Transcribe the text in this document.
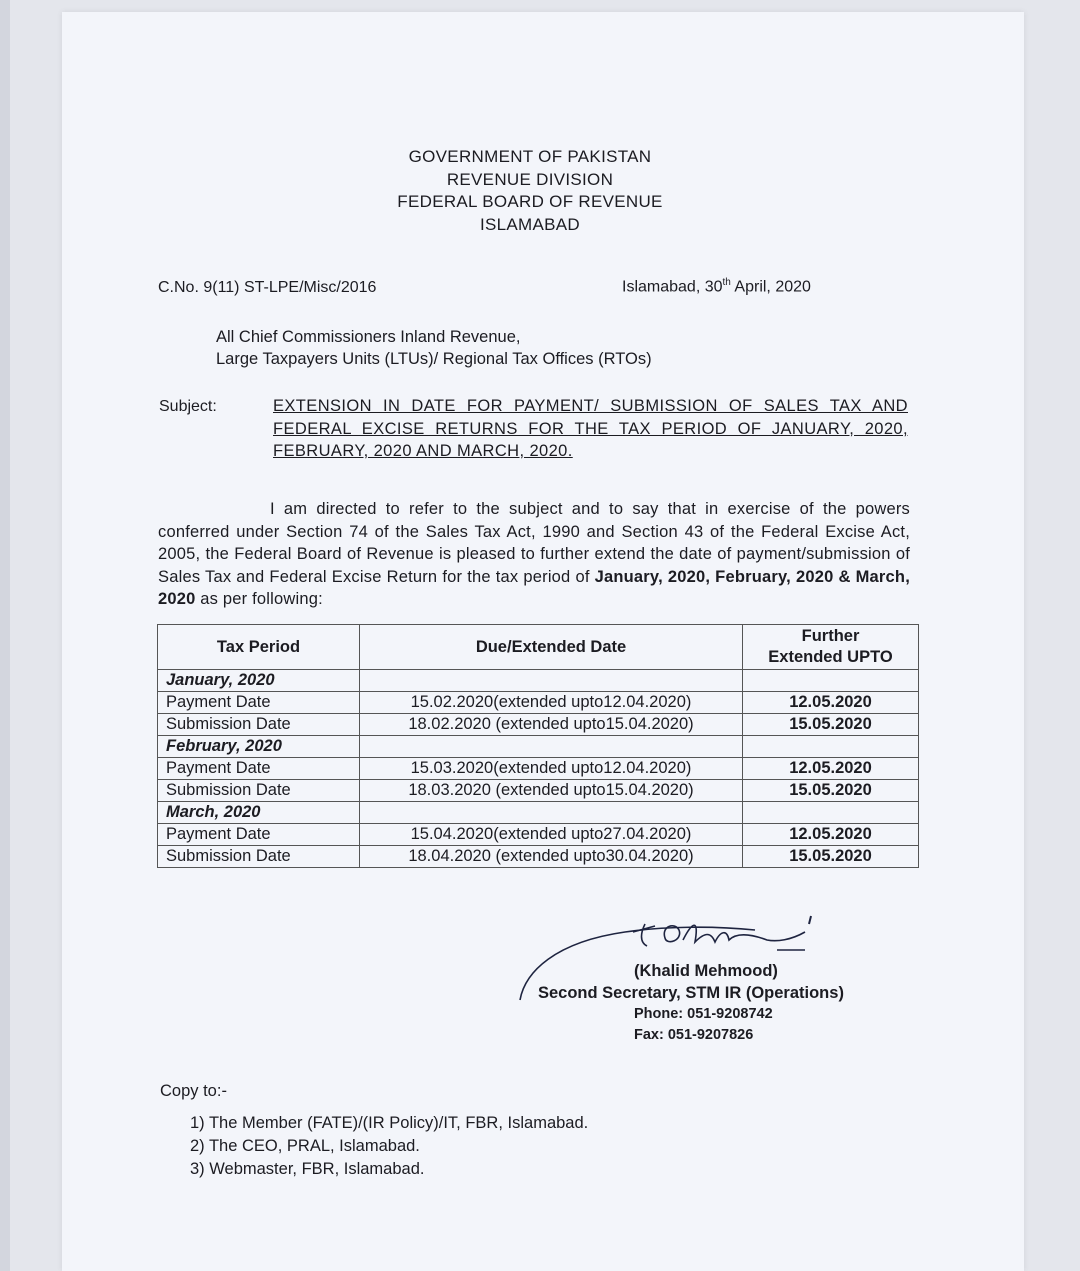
GOVERNMENT OF PAKISTAN
REVENUE DIVISION
FEDERAL BOARD OF REVENUE
ISLAMABAD
C.No. 9(11) ST-LPE/Misc/2016	Islamabad, 30th April, 2020
All Chief Commissioners Inland Revenue,
Large Taxpayers Units (LTUs)/ Regional Tax Offices (RTOs)
Subject:	EXTENSION IN DATE FOR PAYMENT/ SUBMISSION OF SALES TAX AND FEDERAL EXCISE RETURNS FOR THE TAX PERIOD OF JANUARY, 2020, FEBRUARY, 2020 AND MARCH, 2020.
I am directed to refer to the subject and to say that in exercise of the powers conferred under Section 74 of the Sales Tax Act, 1990 and Section 43 of the Federal Excise Act, 2005, the Federal Board of Revenue is pleased to further extend the date of payment/submission of Sales Tax and Federal Excise Return for the tax period of January, 2020, February, 2020 & March, 2020 as per following:
Tax Period	Due/Extended Date	Further
Extended UPTO
January, 2020		
Payment Date	15.02.2020(extended upto12.04.2020)	12.05.2020
Submission Date	18.02.2020 (extended upto15.04.2020)	15.05.2020
February, 2020		
Payment Date	15.03.2020(extended upto12.04.2020)	12.05.2020
Submission Date	18.03.2020 (extended upto15.04.2020)	15.05.2020
March, 2020		
Payment Date	15.04.2020(extended upto27.04.2020)	12.05.2020
Submission Date	18.04.2020 (extended upto30.04.2020)	15.05.2020
(Khalid Mehmood)
Second Secretary, STM IR (Operations)
Phone: 051-9208742
Fax: 051-9207826
Copy to:-
1) The Member (FATE)/(IR Policy)/IT, FBR, Islamabad.
2) The CEO, PRAL, Islamabad.
3) Webmaster, FBR, Islamabad.
